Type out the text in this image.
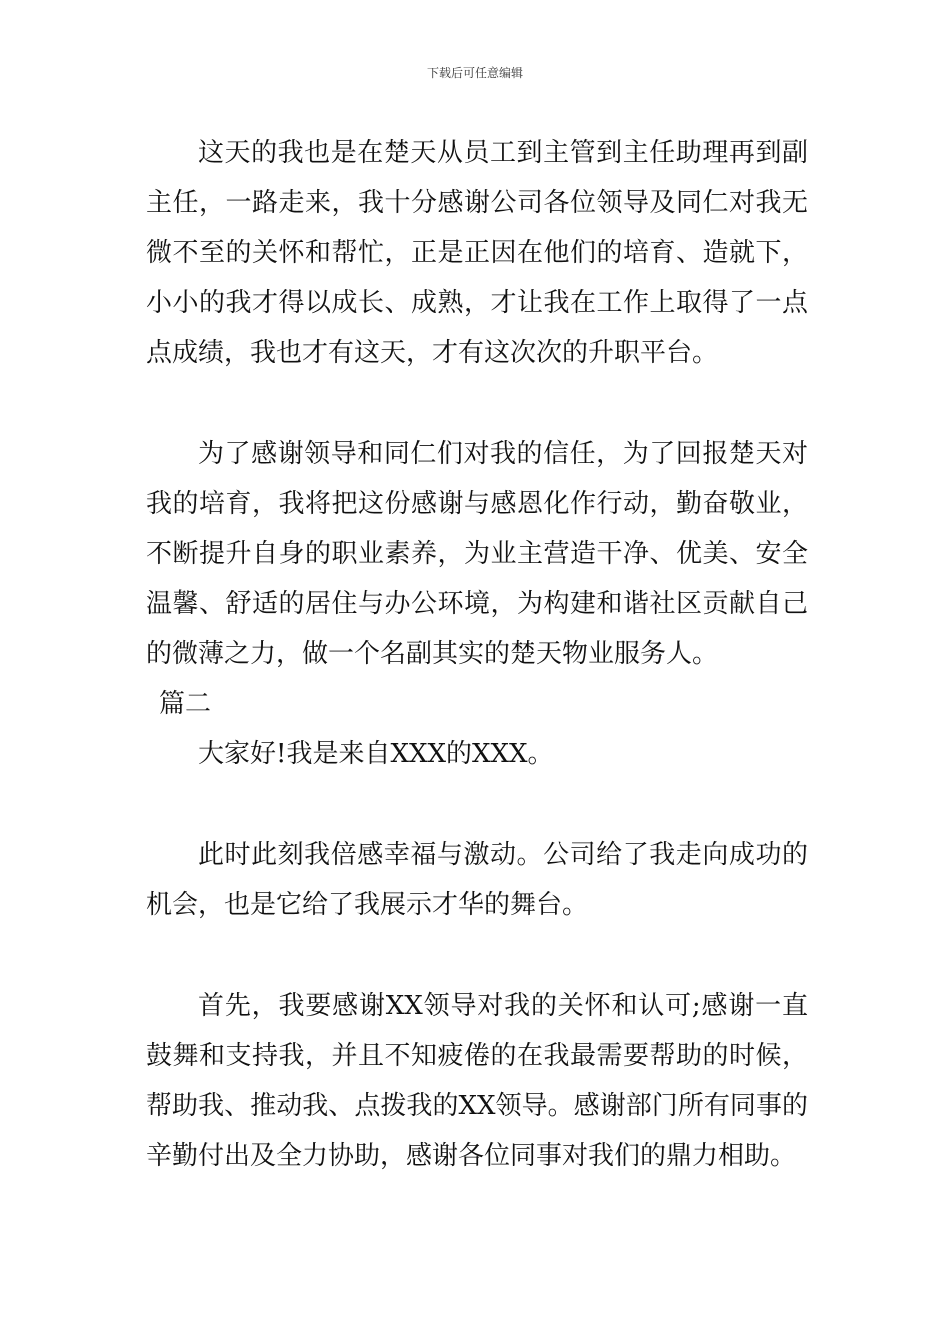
下载后可任意编辑

这天的我也是在楚天从员工到主管到主任助理再到副主任，一路走来，我十分感谢公司各位领导及同仁对我无微不至的关怀和帮忙，正是正因在他们的培育、造就下，小小的我才得以成长、成熟，才让我在工作上取得了一点点成绩，我也才有这天，才有这次次的升职平台。

为了感谢领导和同仁们对我的信任，为了回报楚天对我的培育，我将把这份感谢与感恩化作行动，勤奋敬业，不断提升自身的职业素养，为业主营造干净、优美、安全温馨、舒适的居住与办公环境，为构建和谐社区贡献自己的微薄之力，做一个名副其实的楚天物业服务人。

篇二

大家好!我是来自XXX的XXX。

此时此刻我倍感幸福与激动。公司给了我走向成功的机会，也是它给了我展示才华的舞台。

首先，我要感谢XX领导对我的关怀和认可;感谢一直鼓舞和支持我，并且不知疲倦的在我最需要帮助的时候，帮助我、推动我、点拨我的XX领导。感谢部门所有同事的辛勤付出及全力协助，感谢各位同事对我们的鼎力相助。
